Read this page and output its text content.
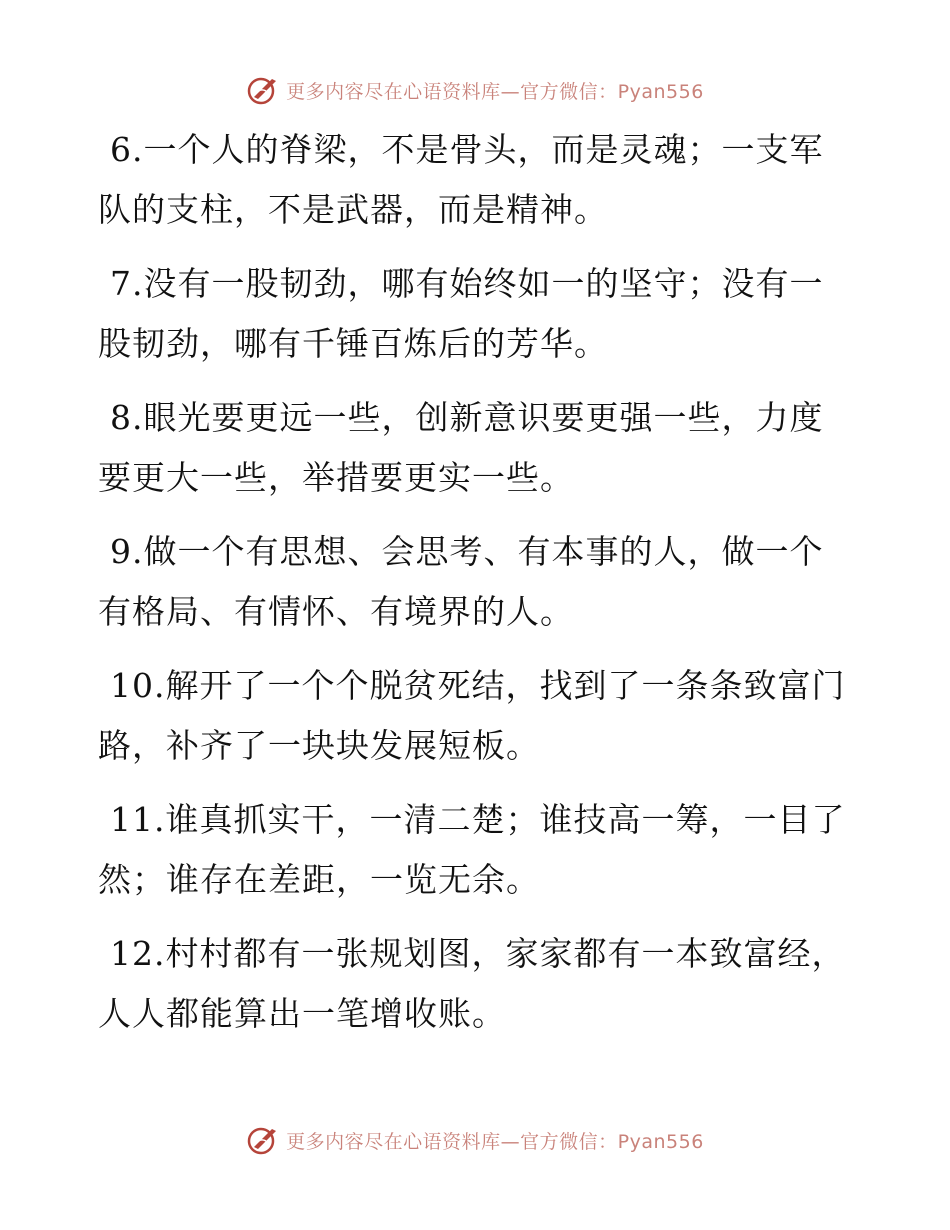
更多内容尽在心语资料库—官方微信：Pyan556
6.一个人的脊梁，不是骨头，而是灵魂；一支军
队的支柱，不是武器，而是精神。
7.没有一股韧劲，哪有始终如一的坚守；没有一
股韧劲，哪有千锤百炼后的芳华。
8.眼光要更远一些，创新意识要更强一些，力度
要更大一些，举措要更实一些。
9.做一个有思想、会思考、有本事的人，做一个
有格局、有情怀、有境界的人。
10.解开了一个个脱贫死结，找到了一条条致富门
路，补齐了一块块发展短板。
11.谁真抓实干，一清二楚；谁技高一筹，一目了
然；谁存在差距，一览无余。
12.村村都有一张规划图，家家都有一本致富经，
人人都能算出一笔增收账。
更多内容尽在心语资料库—官方微信：Pyan556
